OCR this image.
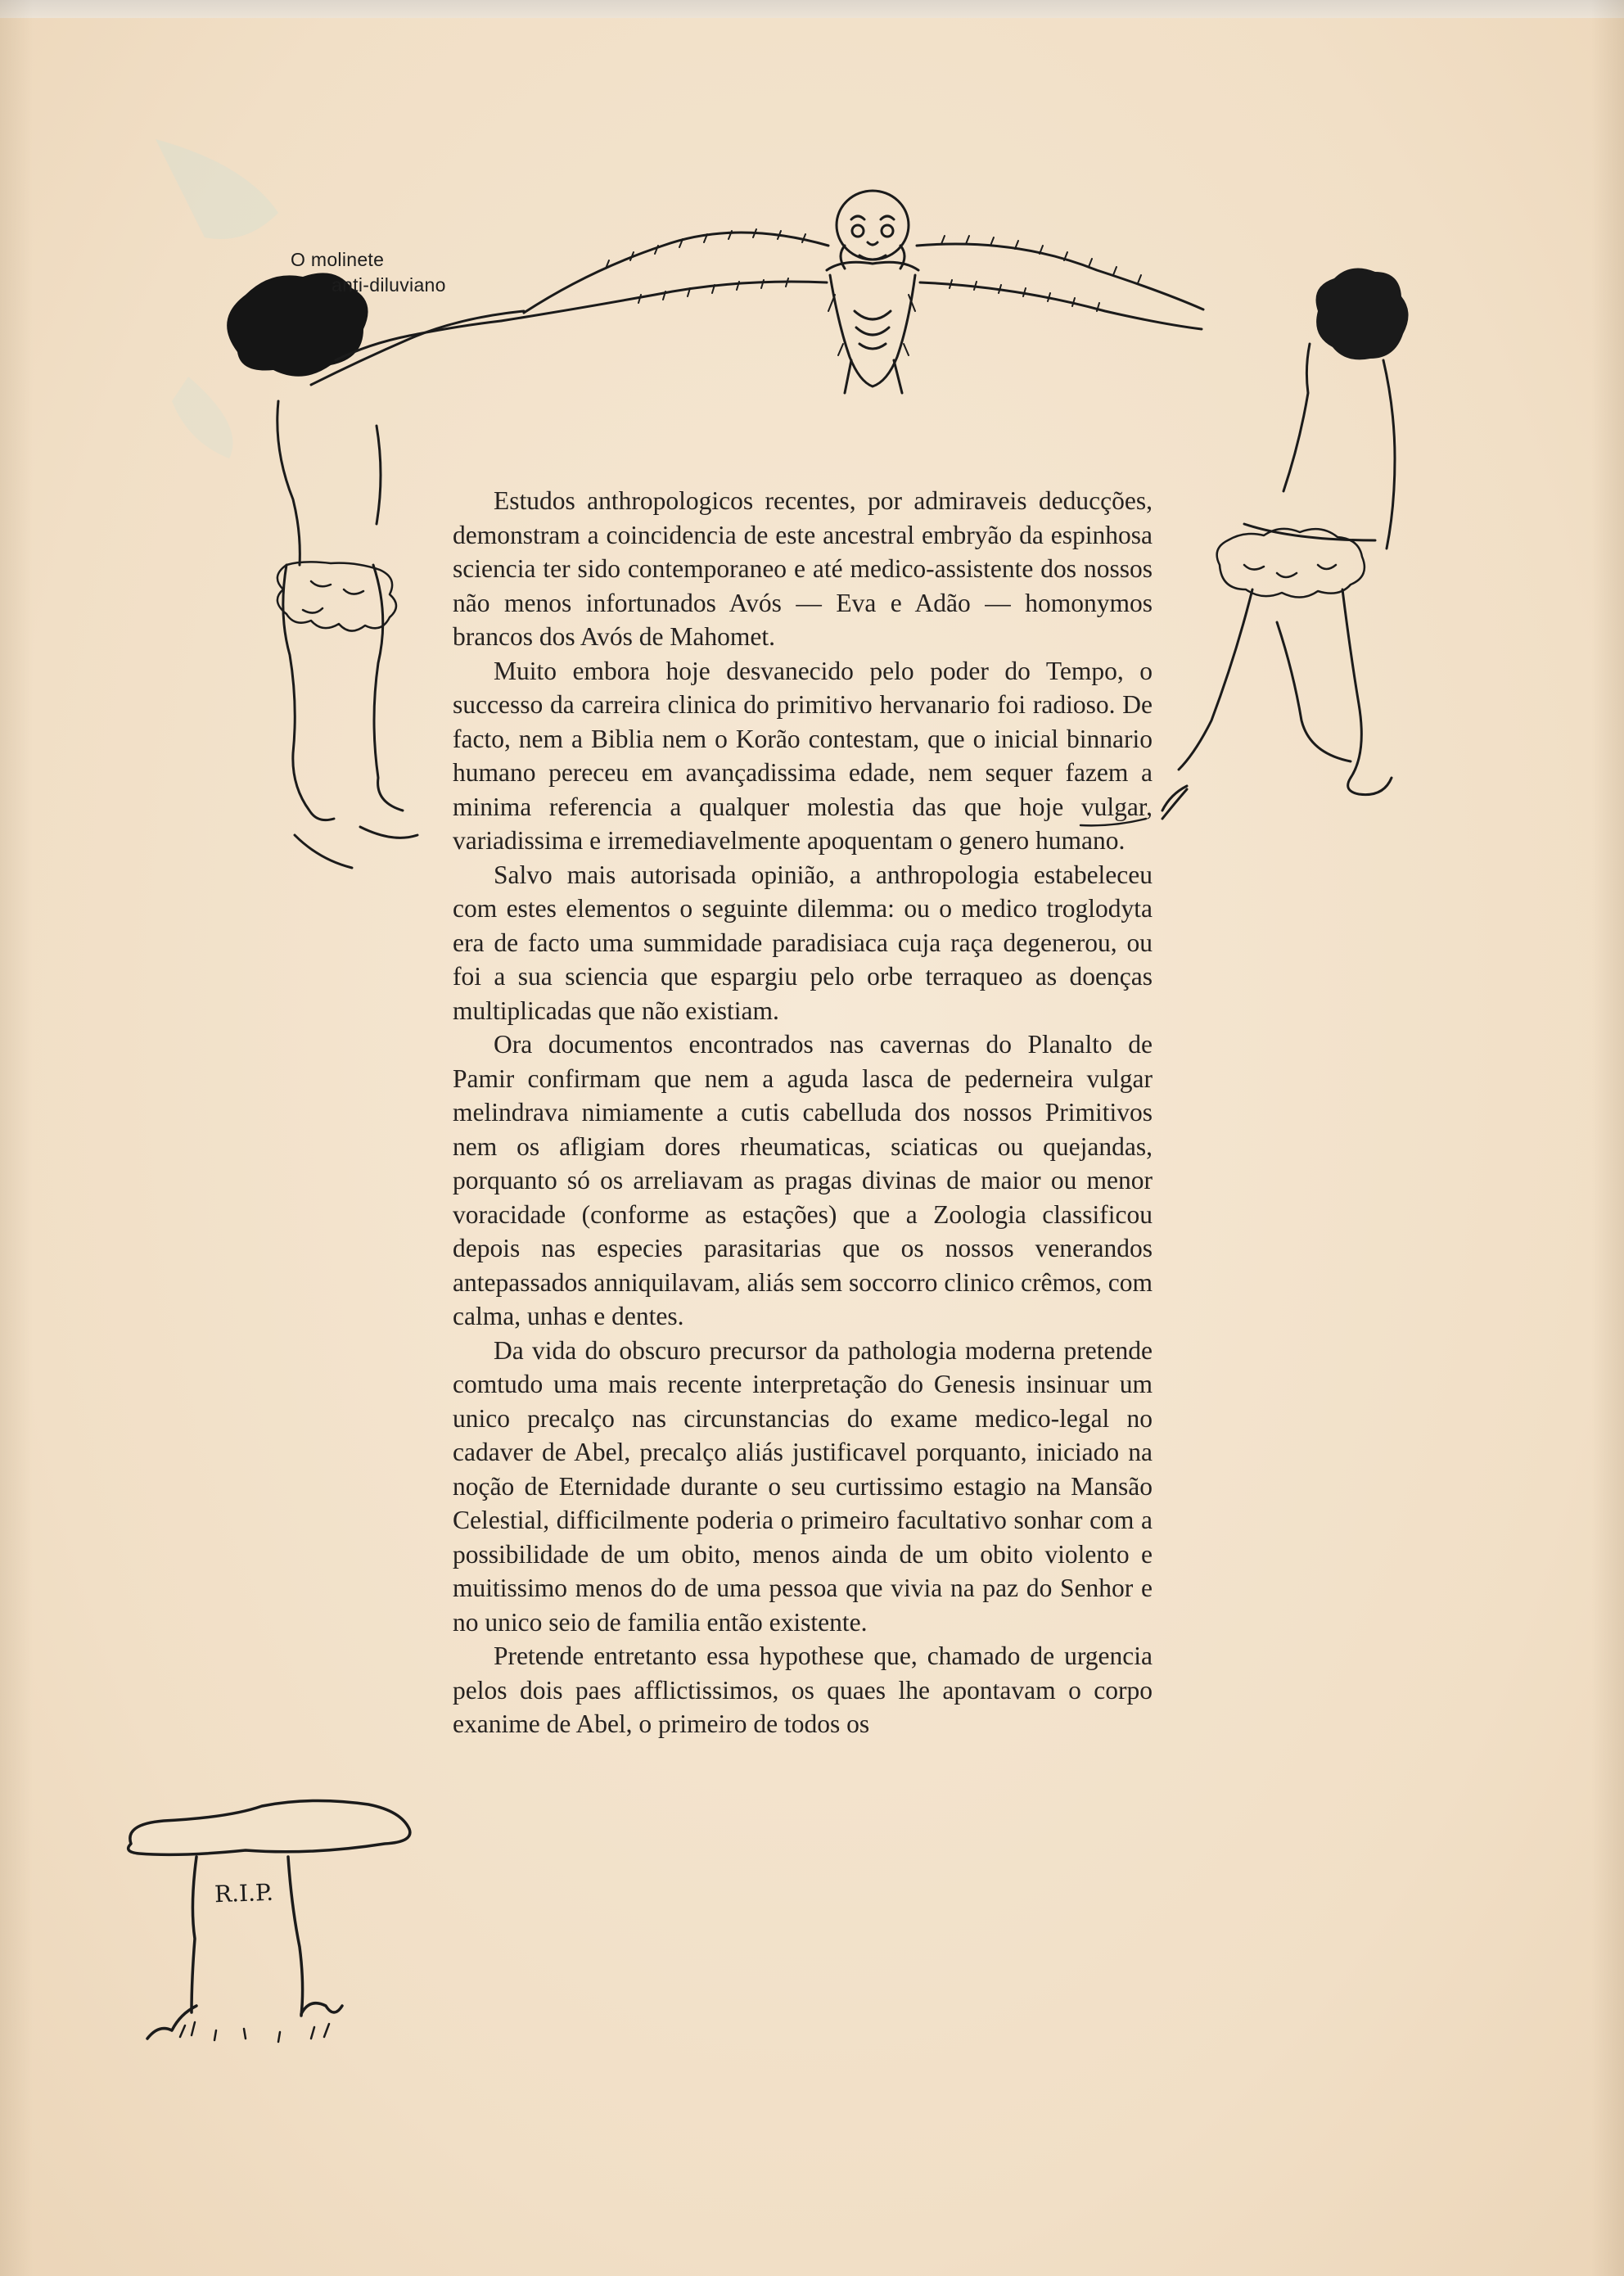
R.I.P.
O molinete
anti-diluviano

Estudos anthropologicos recentes, por admiraveis deducções, demonstram a coincidencia de este ancestral embryão da espinhosa sciencia ter sido contemporaneo e até medico-assistente dos nossos não menos infortunados Avós — Eva e Adão — homonymos brancos dos Avós de Mahomet.

Muito embora hoje desvanecido pelo poder do Tempo, o successo da carreira clinica do primitivo hervanario foi radioso. De facto, nem a Biblia nem o Korão contestam, que o inicial binnario humano pereceu em avançadissima edade, nem sequer fazem a minima referencia a qualquer molestia das que hoje vulgar, variadissima e irremediavelmente apoquentam o genero humano.

Salvo mais autorisada opinião, a anthropologia estabeleceu com estes elementos o seguinte dilemma: ou o medico troglodyta era de facto uma summidade paradisiaca cuja raça degenerou, ou foi a sua sciencia que espargiu pelo orbe terraqueo as doenças multiplicadas que não existiam.

Ora documentos encontrados nas cavernas do Planalto de Pamir confirmam que nem a aguda lasca de pederneira vulgar melindrava nimiamente a cutis cabelluda dos nossos Primitivos nem os afligiam dores rheumaticas, sciaticas ou quejandas, porquanto só os arreliavam as pragas divinas de maior ou menor voracidade (conforme as estações) que a Zoologia classificou depois nas especies parasitarias que os nossos venerandos antepassados anniquilavam, aliás sem soccorro clinico crêmos, com calma, unhas e dentes.

Da vida do obscuro precursor da pathologia moderna pretende comtudo uma mais recente interpretação do Genesis insinuar um unico precalço nas circunstancias do exame medico-legal no cadaver de Abel, precalço aliás justificavel porquanto, iniciado na noção de Eternidade durante o seu curtissimo estagio na Mansão Celestial, difficilmente poderia o primeiro facultativo sonhar com a possibilidade de um obito, menos ainda de um obito violento e muitissimo menos do de uma pessoa que vivia na paz do Senhor e no unico seio de familia então existente.

Pretende entretanto essa hypothese que, chamado de urgencia pelos dois paes afflictissimos, os quaes lhe apontavam o corpo exanime de Abel, o primeiro de todos os
